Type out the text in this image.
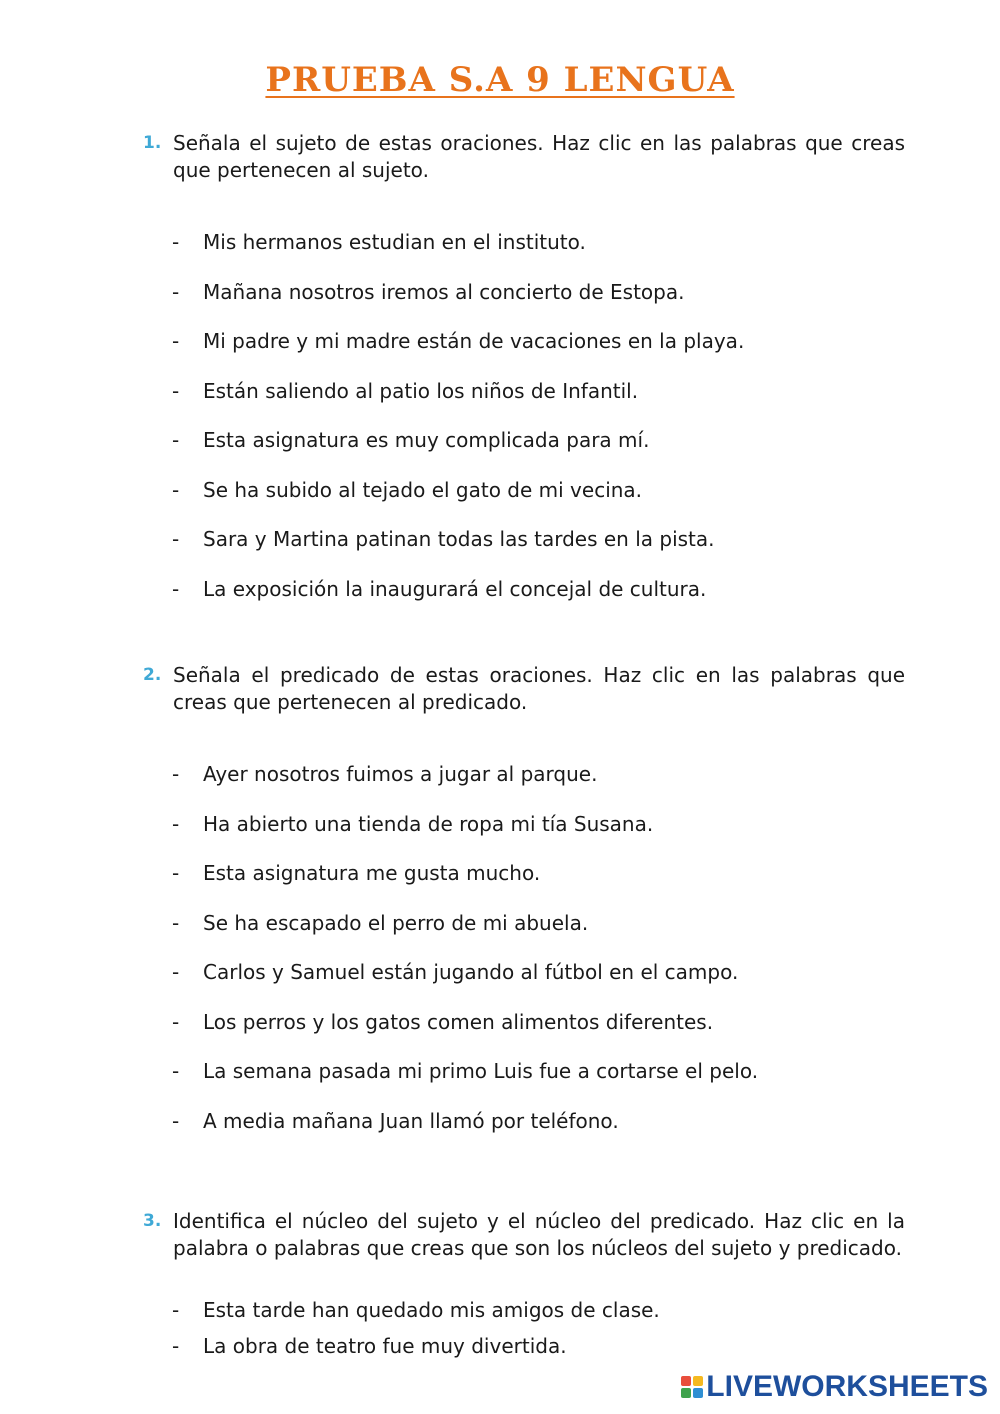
PRUEBA S.A 9 LENGUA
1. Señala el sujeto de estas oraciones. Haz clic en las palabras que creas que pertenecen al sujeto.
- Mis hermanos estudian en el instituto.
- Mañana nosotros iremos al concierto de Estopa.
- Mi padre y mi madre están de vacaciones en la playa.
- Están saliendo al patio los niños de Infantil.
- Esta asignatura es muy complicada para mí.
- Se ha subido al tejado el gato de mi vecina.
- Sara y Martina patinan todas las tardes en la pista.
- La exposición la inaugurará el concejal de cultura.
2. Señala el predicado de estas oraciones. Haz clic en las palabras que creas que pertenecen al predicado.
- Ayer nosotros fuimos a jugar al parque.
- Ha abierto una tienda de ropa mi tía Susana.
- Esta asignatura me gusta mucho.
- Se ha escapado el perro de mi abuela.
- Carlos y Samuel están jugando al fútbol en el campo.
- Los perros y los gatos comen alimentos diferentes.
- La semana pasada mi primo Luis fue a cortarse el pelo.
- A media mañana Juan llamó por teléfono.
3. Identifica el núcleo del sujeto y el núcleo del predicado. Haz clic en la palabra o palabras que creas que son los núcleos del sujeto y predicado.
- Esta tarde han quedado mis amigos de clase.
- La obra de teatro fue muy divertida.
LIVEWORKSHEETS
